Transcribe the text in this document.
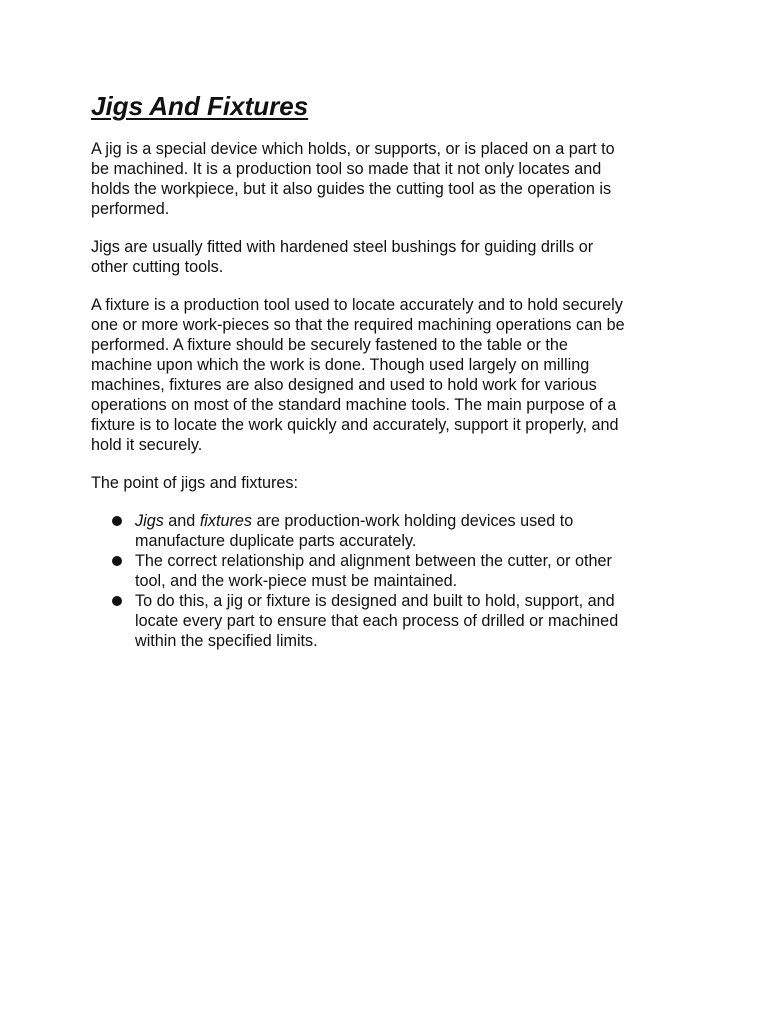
Jigs And Fixtures

A jig is a special device which holds, or supports, or is placed on a part to
be machined. It is a production tool so made that it not only locates and
holds the workpiece, but it also guides the cutting tool as the operation is
performed.

Jigs are usually fitted with hardened steel bushings for guiding drills or
other cutting tools.

A fixture is a production tool used to locate accurately and to hold securely
one or more work-pieces so that the required machining operations can be
performed. A fixture should be securely fastened to the table or the
machine upon which the work is done. Though used largely on milling
machines, fixtures are also designed and used to hold work for various
operations on most of the standard machine tools. The main purpose of a
fixture is to locate the work quickly and accurately, support it properly, and
hold it securely.

The point of jigs and fixtures:

Jigs and fixtures are production-work holding devices used to
manufacture duplicate parts accurately.
The correct relationship and alignment between the cutter, or other
tool, and the work-piece must be maintained.
To do this, a jig or fixture is designed and built to hold, support, and
locate every part to ensure that each process of drilled or machined
within the specified limits.
